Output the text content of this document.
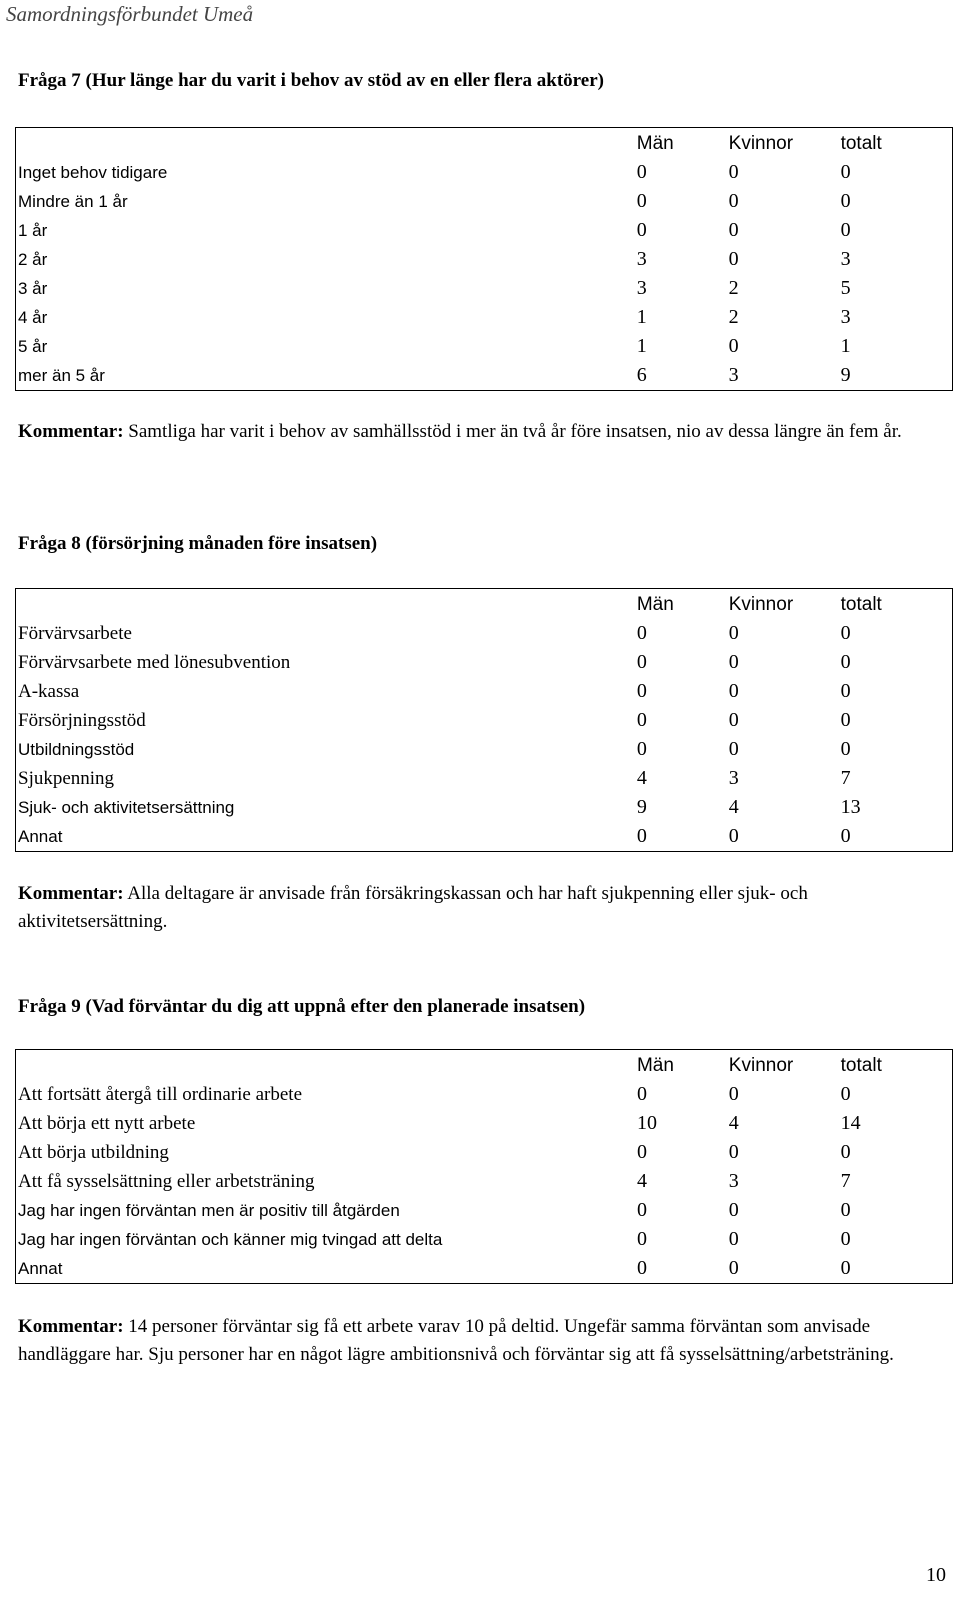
Samordningsförbundet Umeå
Fråga 7 (Hur länge har du varit i behov av stöd av en eller flera aktörer)
	Män	Kvinnor	totalt
Inget behov tidigare	0	0	0
Mindre än 1 år	0	0	0
1 år	0	0	0
2 år	3	0	3
3 år	3	2	5
4 år	1	2	3
5 år	1	0	1
mer än 5 år	6	3	9
Kommentar: Samtliga har varit i behov av samhällsstöd i mer än två år före insatsen, nio av dessa längre än fem år.
Fråga 8 (försörjning månaden före insatsen)
	Män	Kvinnor	totalt
Förvärvsarbete	0	0	0
Förvärvsarbete med lönesubvention	0	0	0
A-kassa	0	0	0
Försörjningsstöd	0	0	0
Utbildningsstöd	0	0	0
Sjukpenning	4	3	7
Sjuk- och aktivitetsersättning	9	4	13
Annat	0	0	0
Kommentar: Alla deltagare är anvisade från försäkringskassan och har haft sjukpenning eller sjuk- och aktivitetsersättning.
Fråga 9 (Vad förväntar du dig att uppnå efter den planerade insatsen)
	Män	Kvinnor	totalt
Att fortsätt återgå till ordinarie arbete	0	0	0
Att börja ett nytt arbete	10	4	14
Att börja utbildning	0	0	0
Att få sysselsättning eller arbetsträning	4	3	7
Jag har ingen förväntan men är positiv till åtgärden	0	0	0
Jag har ingen förväntan och känner mig tvingad att delta	0	0	0
Annat	0	0	0
Kommentar: 14 personer förväntar sig få ett arbete varav 10 på deltid. Ungefär samma förväntan som anvisade handläggare har. Sju personer har en något lägre ambitionsnivå och förväntar sig att få sysselsättning/arbetsträning.
10
